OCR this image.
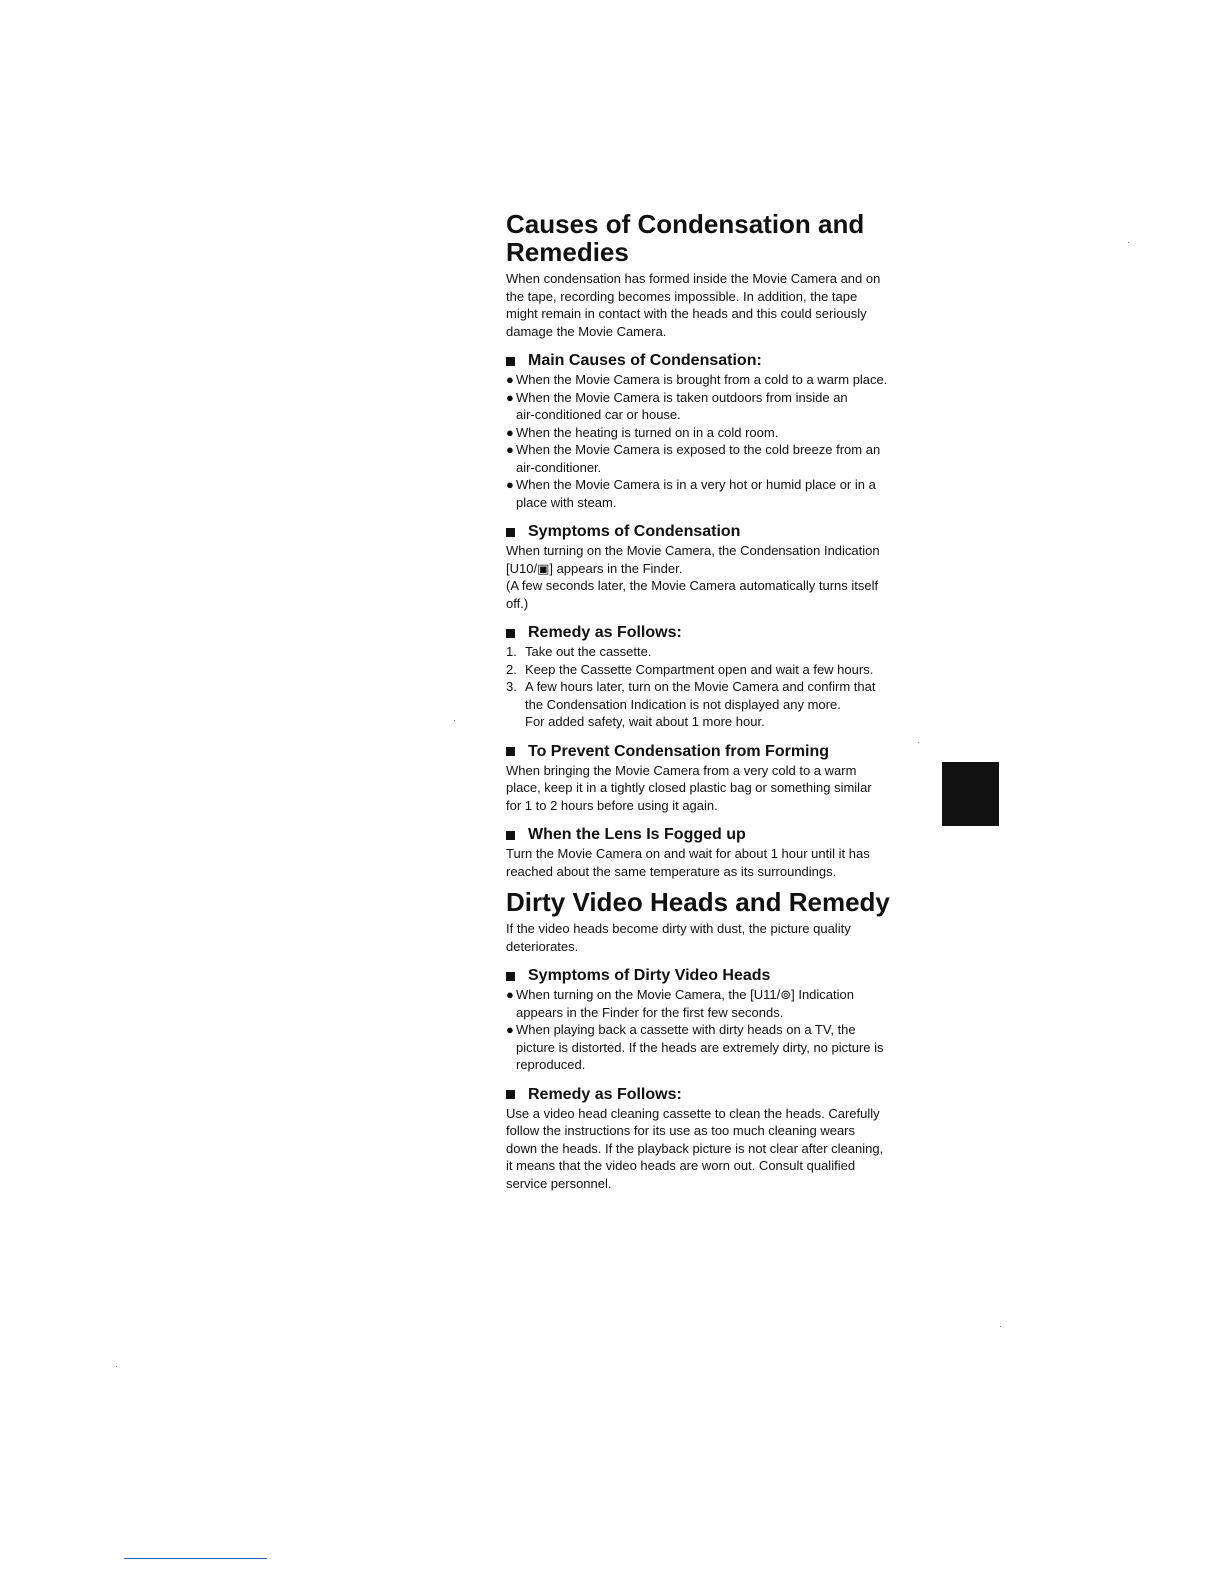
Causes of Condensation and
Remedies

When condensation has formed inside the Movie Camera and on
the tape, recording becomes impossible. In addition, the tape
might remain in contact with the heads and this could seriously
damage the Movie Camera.

Main Causes of Condensation:
● When the Movie Camera is brought from a cold to a warm place.
● When the Movie Camera is taken outdoors from inside an
air-conditioned car or house.
● When the heating is turned on in a cold room.
● When the Movie Camera is exposed to the cold breeze from an
air-conditioner.
● When the Movie Camera is in a very hot or humid place or in a
place with steam.
Symptoms of Condensation

When turning on the Movie Camera, the Condensation Indication
[U10/▣] appears in the Finder.
(A few seconds later, the Movie Camera automatically turns itself
off.)

Remedy as Follows:
1. Take out the cassette.
2. Keep the Cassette Compartment open and wait a few hours.
3. A few hours later, turn on the Movie Camera and confirm that
the Condensation Indication is not displayed any more.
For added safety, wait about 1 more hour.
To Prevent Condensation from Forming

When bringing the Movie Camera from a very cold to a warm
place, keep it in a tightly closed plastic bag or something similar
for 1 to 2 hours before using it again.

When the Lens Is Fogged up

Turn the Movie Camera on and wait for about 1 hour until it has
reached about the same temperature as its surroundings.

Dirty Video Heads and Remedy

If the video heads become dirty with dust, the picture quality
deteriorates.

Symptoms of Dirty Video Heads
● When turning on the Movie Camera, the [U11/⊚] Indication
appears in the Finder for the first few seconds.
● When playing back a cassette with dirty heads on a TV, the
picture is distorted. If the heads are extremely dirty, no picture is
reproduced.
Remedy as Follows:

Use a video head cleaning cassette to clean the heads. Carefully
follow the instructions for its use as too much cleaning wears
down the heads. If the playback picture is not clear after cleaning,
it means that the video heads are worn out. Consult qualified
service personnel.
